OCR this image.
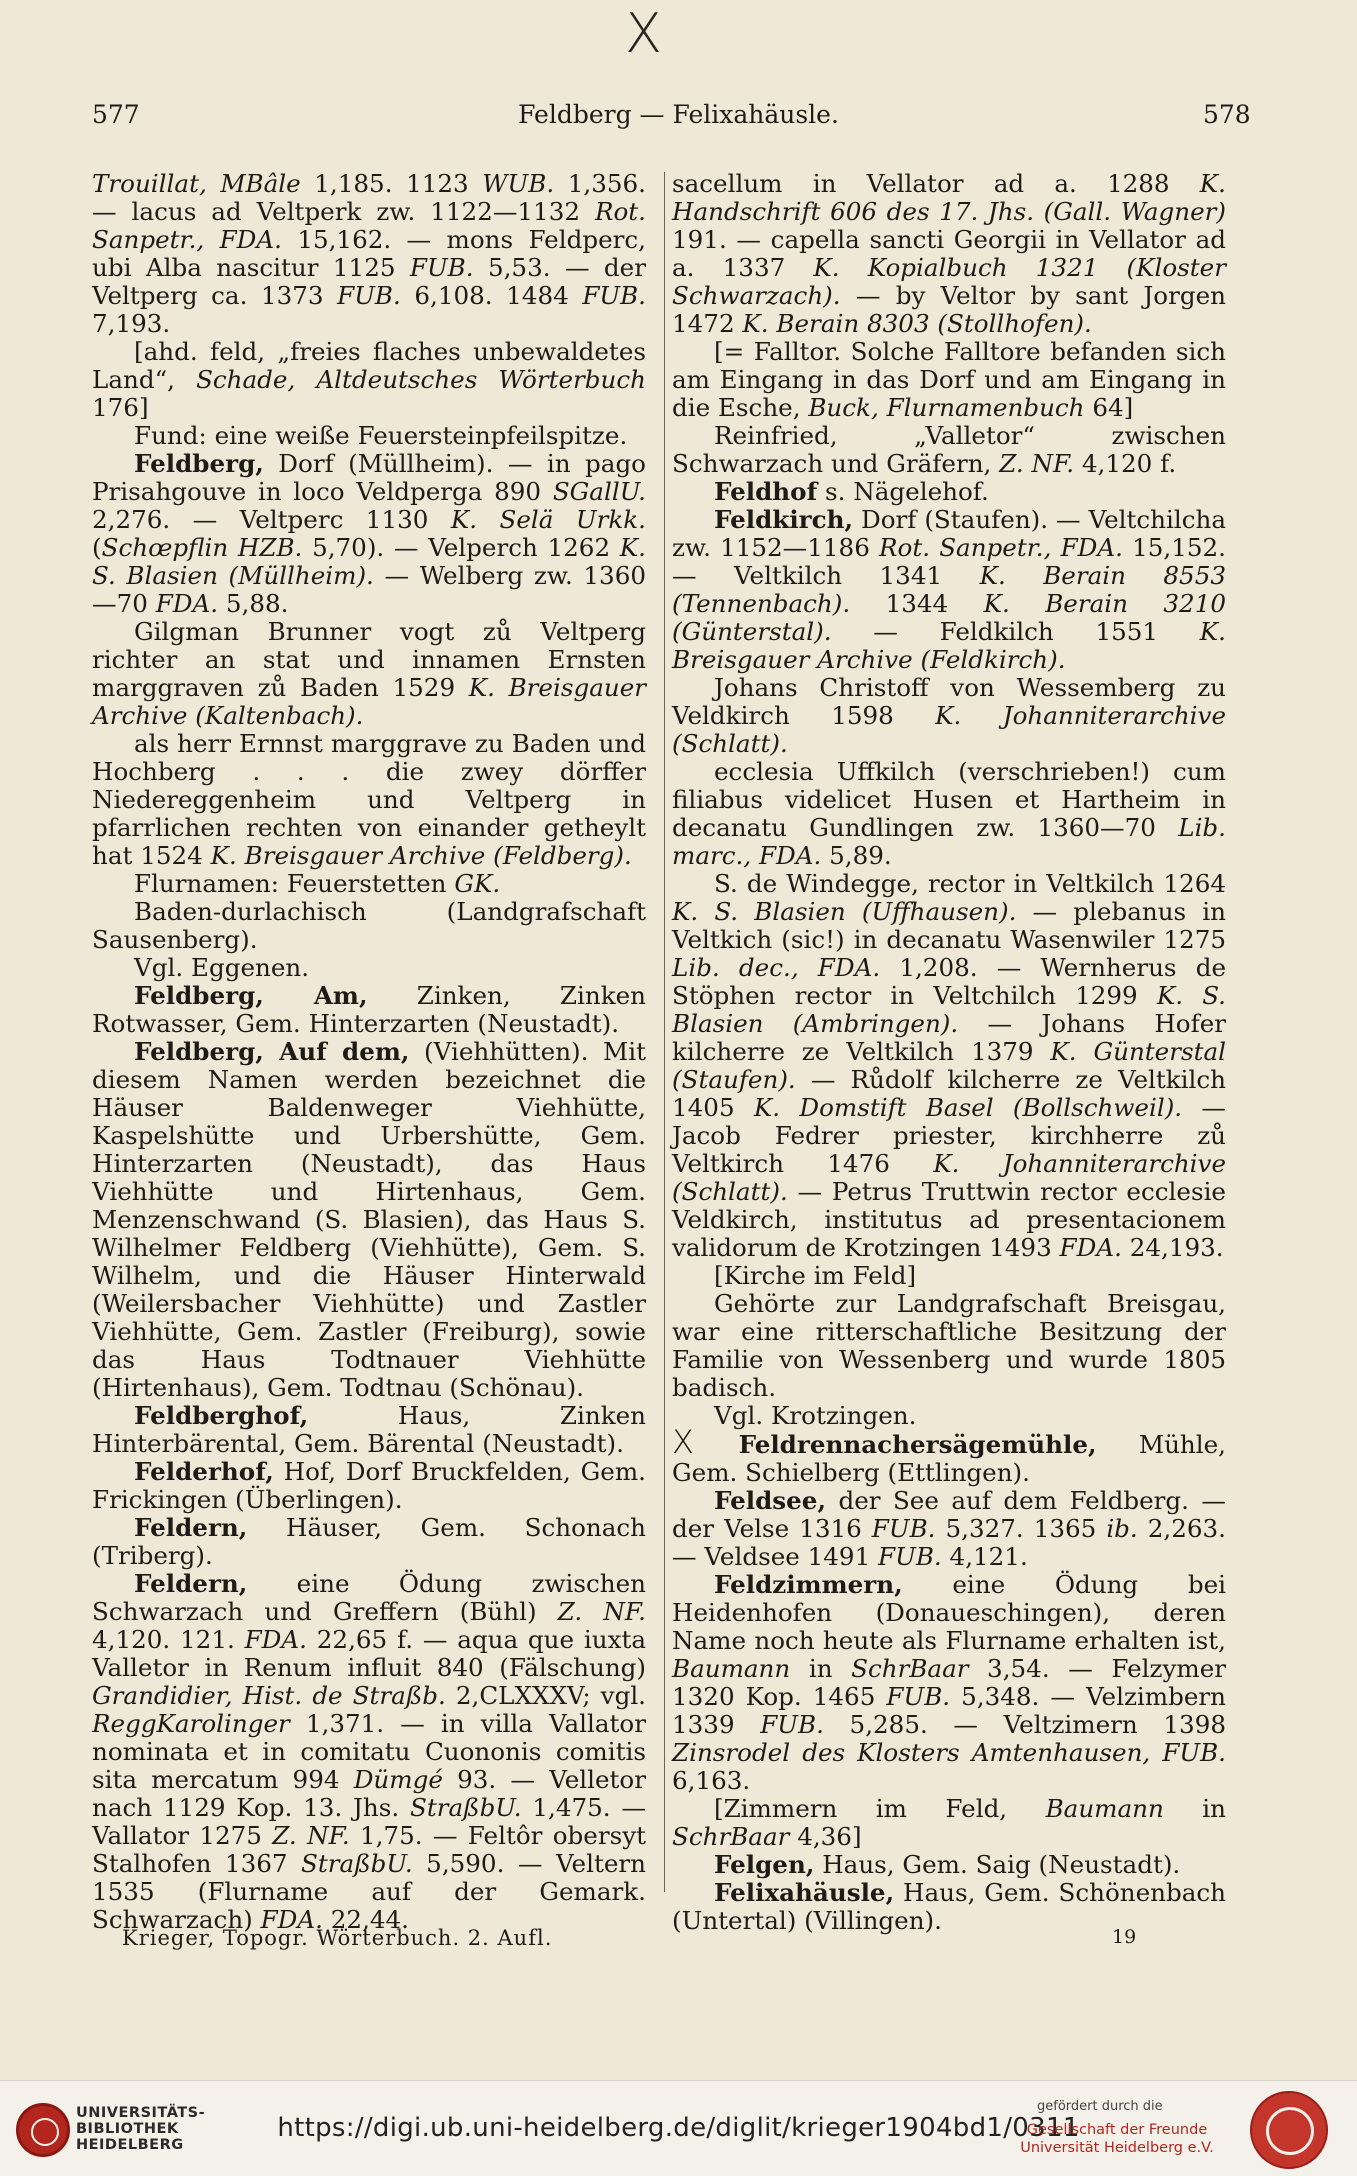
X
577	Feldberg — Felixahäusle.	578

Trouillat, MBâle 1,185. 1123 WUB. 1,356. — lacus ad Veltperk zw. 1122—1132 Rot. Sanpetr., FDA. 15,162. — mons Feldperc, ubi Alba nascitur 1125 FUB. 5,53. — der Veltperg ca. 1373 FUB. 6,108. 1484 FUB. 7,193.

[ahd. feld, „freies flaches unbewaldetes Land“, Schade, Altdeutsches Wörterbuch 176]

Fund: eine weiße Feuersteinpfeilspitze.

Feldberg, Dorf (Müllheim). — in pago Prisahgouve in loco Veldperga 890 SGallU. 2,276. — Veltperc 1130 K. Selä Urkk. (Schœpflin HZB. 5,70). — Velperch 1262 K. S. Blasien (Müllheim). — Welberg zw. 1360—70 FDA. 5,88.

Gilgman Brunner vogt zů Veltperg richter an stat und innamen Ernsten marggraven zů Baden 1529 K. Breisgauer Archive (Kaltenbach).

als herr Ernnst marggrave zu Baden und Hochberg . . . die zwey dörffer Niedereggenheim und Veltperg in pfarrlichen rechten von einander getheylt hat 1524 K. Breisgauer Archive (Feldberg).

Flurnamen: Feuerstetten GK.

Baden-durlachisch (Landgrafschaft Sausenberg).

Vgl. Eggenen.

Feldberg, Am, Zinken, Zinken Rotwasser, Gem. Hinterzarten (Neustadt).

Feldberg, Auf dem, (Viehhütten). Mit diesem Namen werden bezeichnet die Häuser Baldenweger Viehhütte, Kaspelshütte und Urbershütte, Gem. Hinterzarten (Neustadt), das Haus Viehhütte und Hirtenhaus, Gem. Menzenschwand (S. Blasien), das Haus S. Wilhelmer Feldberg (Viehhütte), Gem. S. Wilhelm, und die Häuser Hinterwald (Weilersbacher Viehhütte) und Zastler Viehhütte, Gem. Zastler (Freiburg), sowie das Haus Todtnauer Viehhütte (Hirtenhaus), Gem. Todtnau (Schönau).

Feldberghof, Haus, Zinken Hinterbärental, Gem. Bärental (Neustadt).

Felderhof, Hof, Dorf Bruckfelden, Gem. Frickingen (Überlingen).

Feldern, Häuser, Gem. Schonach (Triberg).

Feldern, eine Ödung zwischen Schwarzach und Greffern (Bühl) Z. NF. 4,120. 121. FDA. 22,65 f. — aqua que iuxta Valletor in Renum influit 840 (Fälschung) Grandidier, Hist. de Straßb. 2,CLXXXV; vgl. ReggKarolinger 1,371. — in villa Vallator nominata et in comitatu Cuononis comitis sita mercatum 994 Dümgé 93. — Velletor nach 1129 Kop. 13. Jhs. StraßbU. 1,475. — Vallator 1275 Z. NF. 1,75. — Feltôr obersyt Stalhofen 1367 StraßbU. 5,590. — Veltern 1535 (Flurname auf der Gemark. Schwarzach) FDA. 22,44.

sacellum in Vellator ad a. 1288 K. Handschrift 606 des 17. Jhs. (Gall. Wagner) 191. — capella sancti Georgii in Vellator ad a. 1337 K. Kopialbuch 1321 (Kloster Schwarzach). — by Veltor by sant Jorgen 1472 K. Berain 8303 (Stollhofen).

[= Falltor. Solche Falltore befanden sich am Eingang in das Dorf und am Eingang in die Esche, Buck, Flurnamenbuch 64]

Reinfried, „Valletor“ zwischen Schwarzach und Gräfern, Z. NF. 4,120 f.

Feldhof s. Nägelehof.

Feldkirch, Dorf (Staufen). — Veltchilcha zw. 1152—1186 Rot. Sanpetr., FDA. 15,152. — Veltkilch 1341 K. Berain 8553 (Tennenbach). 1344 K. Berain 3210 (Günterstal). — Feldkilch 1551 K. Breisgauer Archive (Feldkirch).

Johans Christoff von Wessemberg zu Veldkirch 1598 K. Johanniterarchive (Schlatt).

ecclesia Uffkilch (verschrieben!) cum filiabus videlicet Husen et Hartheim in decanatu Gundlingen zw. 1360—70 Lib. marc., FDA. 5,89.

S. de Windegge, rector in Veltkilch 1264 K. S. Blasien (Uffhausen). — plebanus in Veltkich (sic!) in decanatu Wasenwiler 1275 Lib. dec., FDA. 1,208. — Wernherus de Stöphen rector in Veltchilch 1299 K. S. Blasien (Ambringen). — Johans Hofer kilcherre ze Veltkilch 1379 K. Günterstal (Staufen). — Růdolf kilcherre ze Veltkilch 1405 K. Domstift Basel (Bollschweil). — Jacob Fedrer priester, kirchherre zů Veltkirch 1476 K. Johanniterarchive (Schlatt). — Petrus Truttwin rector ecclesie Veldkirch, institutus ad presentacionem validorum de Krotzingen 1493 FDA. 24,193.

[Kirche im Feld]

Gehörte zur Landgrafschaft Breisgau, war eine ritterschaftliche Besitzung der Familie von Wessenberg und wurde 1805 badisch.

Vgl. Krotzingen.

X Feldrennachersägemühle, Mühle, Gem. Schielberg (Ettlingen).

Feldsee, der See auf dem Feldberg. — der Velse 1316 FUB. 5,327. 1365 ib. 2,263. — Veldsee 1491 FUB. 4,121.

Feldzimmern, eine Ödung bei Heidenhofen (Donaueschingen), deren Name noch heute als Flurname erhalten ist, Baumann in SchrBaar 3,54. — Felzymer 1320 Kop. 1465 FUB. 5,348. — Velzimbern 1339 FUB. 5,285. — Veltzimern 1398 Zinsrodel des Klosters Amtenhausen, FUB. 6,163.

[Zimmern im Feld, Baumann in SchrBaar 4,36]

Felgen, Haus, Gem. Saig (Neustadt).

Felixahäusle, Haus, Gem. Schönenbach (Untertal) (Villingen).

Krieger, Topogr. Wörterbuch. 2. Aufl.	19
UNIVERSITÄTS-
BIBLIOTHEK
HEIDELBERG
https://digi.ub.uni-heidelberg.de/diglit/krieger1904bd1/0311
gefördert durch die
Gesellschaft der Freunde
Universität Heidelberg e.V.
